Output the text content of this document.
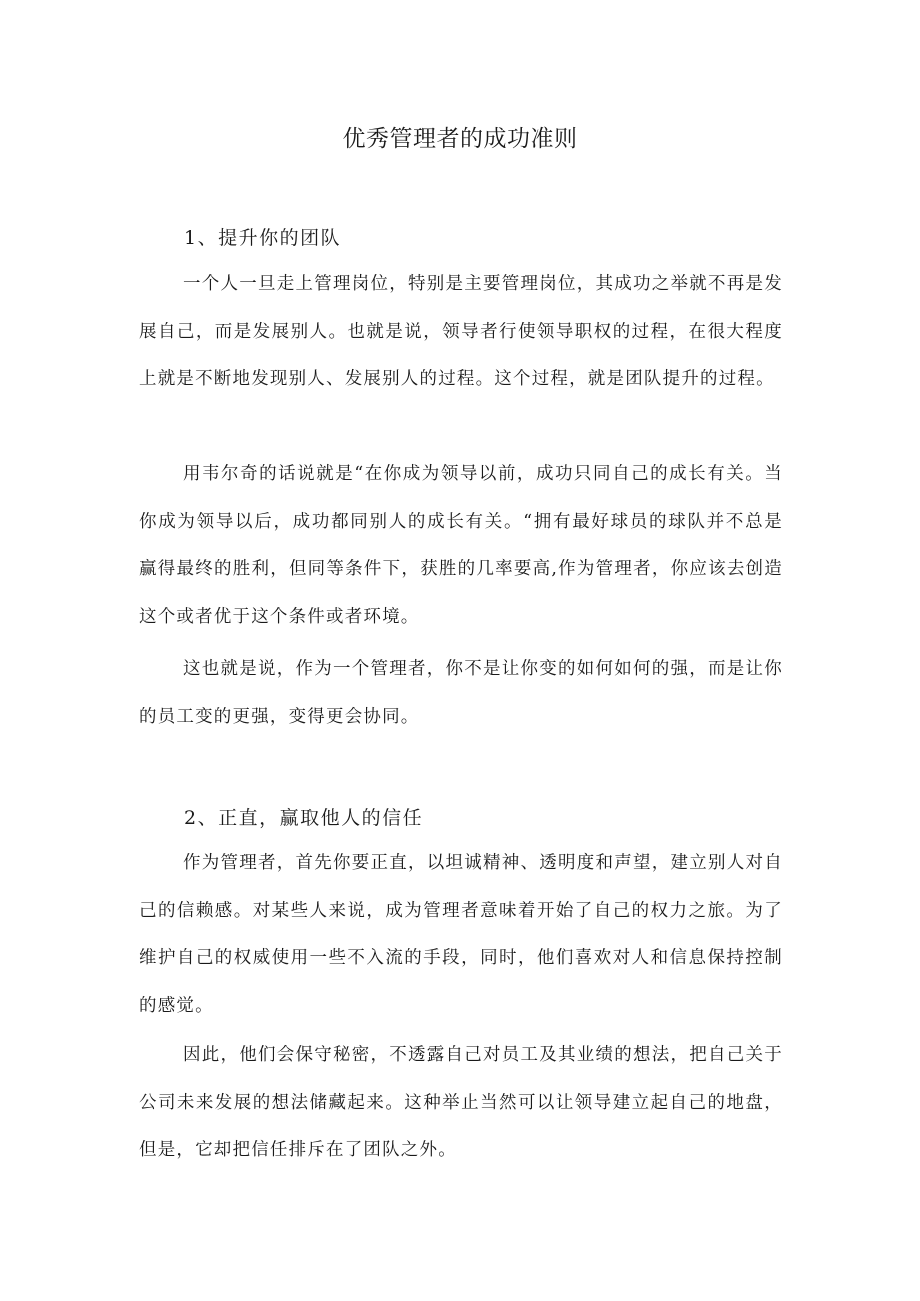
优秀管理者的成功准则
1、提升你的团队

一个人一旦走上管理岗位，特别是主要管理岗位，其成功之举就不再是发展自己，而是发展别人。也就是说，领导者行使领导职权的过程，在很大程度上就是不断地发现别人、发展别人的过程。这个过程，就是团队提升的过程。

用韦尔奇的话说就是“在你成为领导以前，成功只同自己的成长有关。当你成为领导以后，成功都同别人的成长有关。“拥有最好球员的球队并不总是赢得最终的胜利，但同等条件下，获胜的几率要高,作为管理者，你应该去创造这个或者优于这个条件或者环境。

这也就是说，作为一个管理者，你不是让你变的如何如何的强，而是让你的员工变的更强，变得更会协同。

2、正直，赢取他人的信任

作为管理者，首先你要正直，以坦诚精神、透明度和声望，建立别人对自己的信赖感。对某些人来说，成为管理者意味着开始了自己的权力之旅。为了维护自己的权威使用一些不入流的手段，同时，他们喜欢对人和信息保持控制的感觉。

因此，他们会保守秘密，不透露自己对员工及其业绩的想法，把自己关于公司未来发展的想法储藏起来。这种举止当然可以让领导建立起自己的地盘，但是，它却把信任排斥在了团队之外。
